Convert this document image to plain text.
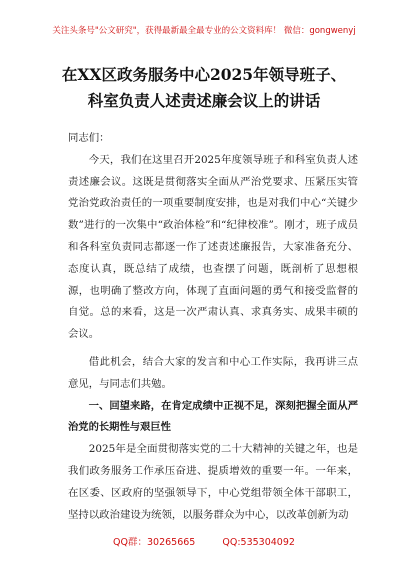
关注头条号"公文研究"，获得最新最全最专业的公文资料库！ 微信：gongwenyj
在XX区政务服务中心2025年领导班子、
科室负责人述责述廉会议上的讲话

同志们：

今天，我们在这里召开2025年度领导班子和科室负责人述责述廉会议。这既是贯彻落实全面从严治党要求、压紧压实管党治党政治责任的一项重要制度安排，也是对我们中心“关键少数”进行的一次集中“政治体检”和“纪律校准”。刚才，班子成员和各科室负责同志都逐一作了述责述廉报告，大家准备充分、态度认真，既总结了成绩，也查摆了问题，既剖析了思想根源，也明确了整改方向，体现了直面问题的勇气和接受监督的自觉。总的来看，这是一次严肃认真、求真务实、成果丰硕的会议。

借此机会，结合大家的发言和中心工作实际，我再讲三点意见，与同志们共勉。

一、回望来路，在肯定成绩中正视不足，深刻把握全面从严治党的长期性与艰巨性

2025年是全面贯彻落实党的二十大精神的关键之年，也是我们政务服务工作承压奋进、提质增效的重要一年。一年来，在区委、区政府的坚强领导下，中心党组带领全体干部职工，坚持以政治建设为统领，以服务群众为中心，以改革创新为动

QQ群：30265665	QQ:535304092
